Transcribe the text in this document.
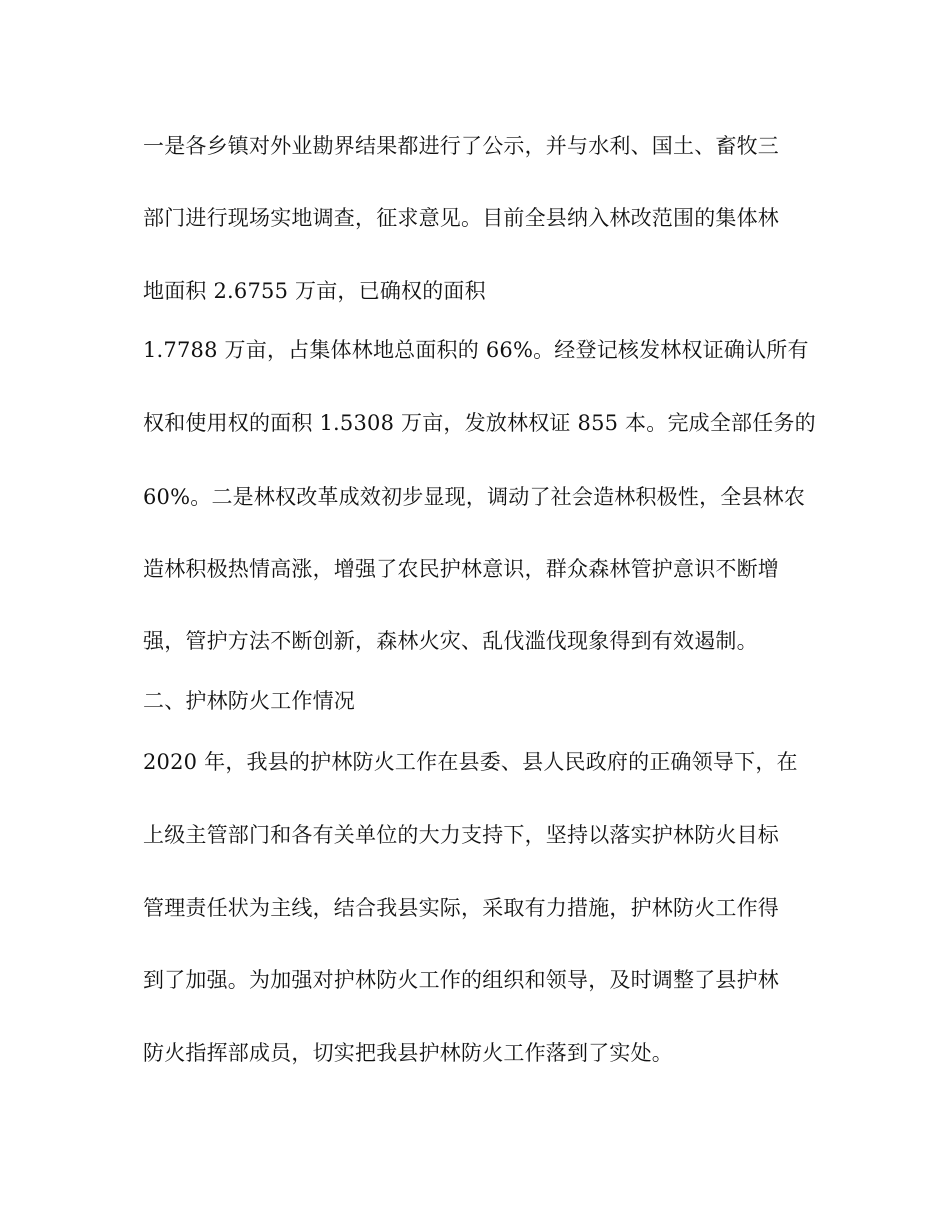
一是各乡镇对外业勘界结果都进行了公示，并与水利、国土、畜牧三
部门进行现场实地调查，征求意见。目前全县纳入林改范围的集体林
地面积 2.6755 万亩，已确权的面积
1.7788 万亩，占集体林地总面积的 66%。经登记核发林权证确认所有
权和使用权的面积 1.5308 万亩，发放林权证 855 本。完成全部任务的
60%。二是林权改革成效初步显现，调动了社会造林积极性，全县林农
造林积极热情高涨，增强了农民护林意识，群众森林管护意识不断增
强，管护方法不断创新，森林火灾、乱伐滥伐现象得到有效遏制。
二、护林防火工作情况
2020 年，我县的护林防火工作在县委、县人民政府的正确领导下，在
上级主管部门和各有关单位的大力支持下，坚持以落实护林防火目标
管理责任状为主线，结合我县实际，采取有力措施，护林防火工作得
到了加强。为加强对护林防火工作的组织和领导，及时调整了县护林
防火指挥部成员，切实把我县护林防火工作落到了实处。
